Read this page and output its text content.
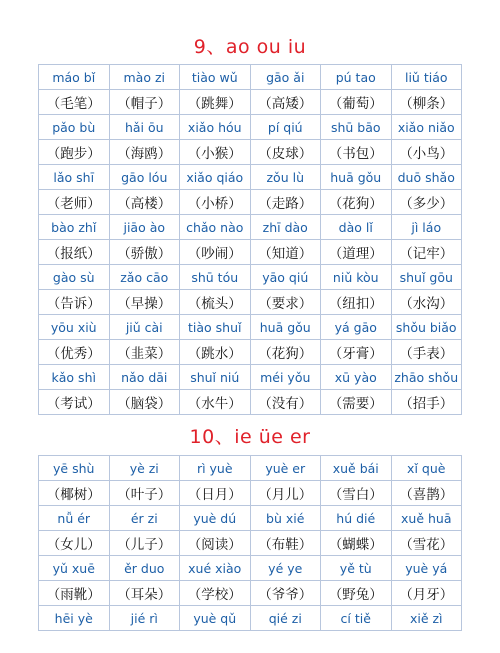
9、ao ou iu
máo bǐ	mào zi	tiào wǔ	gāo ǎi	pú tao	liǔ tiáo
（毛笔）	（帽子）	（跳舞）	（高矮）	（葡萄）	（柳条）
pǎo bù	hǎi ōu	xiǎo hóu	pí qiú	shū bāo	xiǎo niǎo
（跑步）	（海鸥）	（小猴）	（皮球）	（书包）	（小鸟）
lǎo shī	gāo lóu	xiǎo qiáo	zǒu lù	huā gǒu	duō shǎo
（老师）	（高楼）	（小桥）	（走路）	（花狗）	（多少）
bào zhǐ	jiāo ào	chǎo nào	zhī dào	dào lǐ	jì láo
（报纸）	（骄傲）	（吵闹）	（知道）	（道理）	（记牢）
gào sù	zǎo cāo	shū tóu	yāo qiú	niǔ kòu	shuǐ gōu
（告诉）	（早操）	（梳头）	（要求）	（纽扣）	（水沟）
yōu xiù	jiǔ cài	tiào shuǐ	huā gǒu	yá gāo	shǒu biǎo
（优秀）	（韭菜）	（跳水）	（花狗）	（牙膏）	（手表）
kǎo shì	nǎo dāi	shuǐ niú	méi yǒu	xū yào	zhāo shǒu
（考试）	（脑袋）	（水牛）	（没有）	（需要）	（招手）
10、ie üe er
yē shù	yè zi	rì yuè	yuè er	xuě bái	xǐ què
（椰树）	（叶子）	（日月）	（月儿）	（雪白）	（喜鹊）
nǚ ér	ér zi	yuè dú	bù xié	hú dié	xuě huā
（女儿）	（儿子）	（阅读）	（布鞋）	（蝴蝶）	（雪花）
yǔ xuē	ěr duo	xué xiào	yé ye	yě tù	yuè yá
（雨靴）	（耳朵）	（学校）	（爷爷）	（野兔）	（月牙）
hēi yè	jié rì	yuè qǔ	qié zi	cí tiě	xiě zì
